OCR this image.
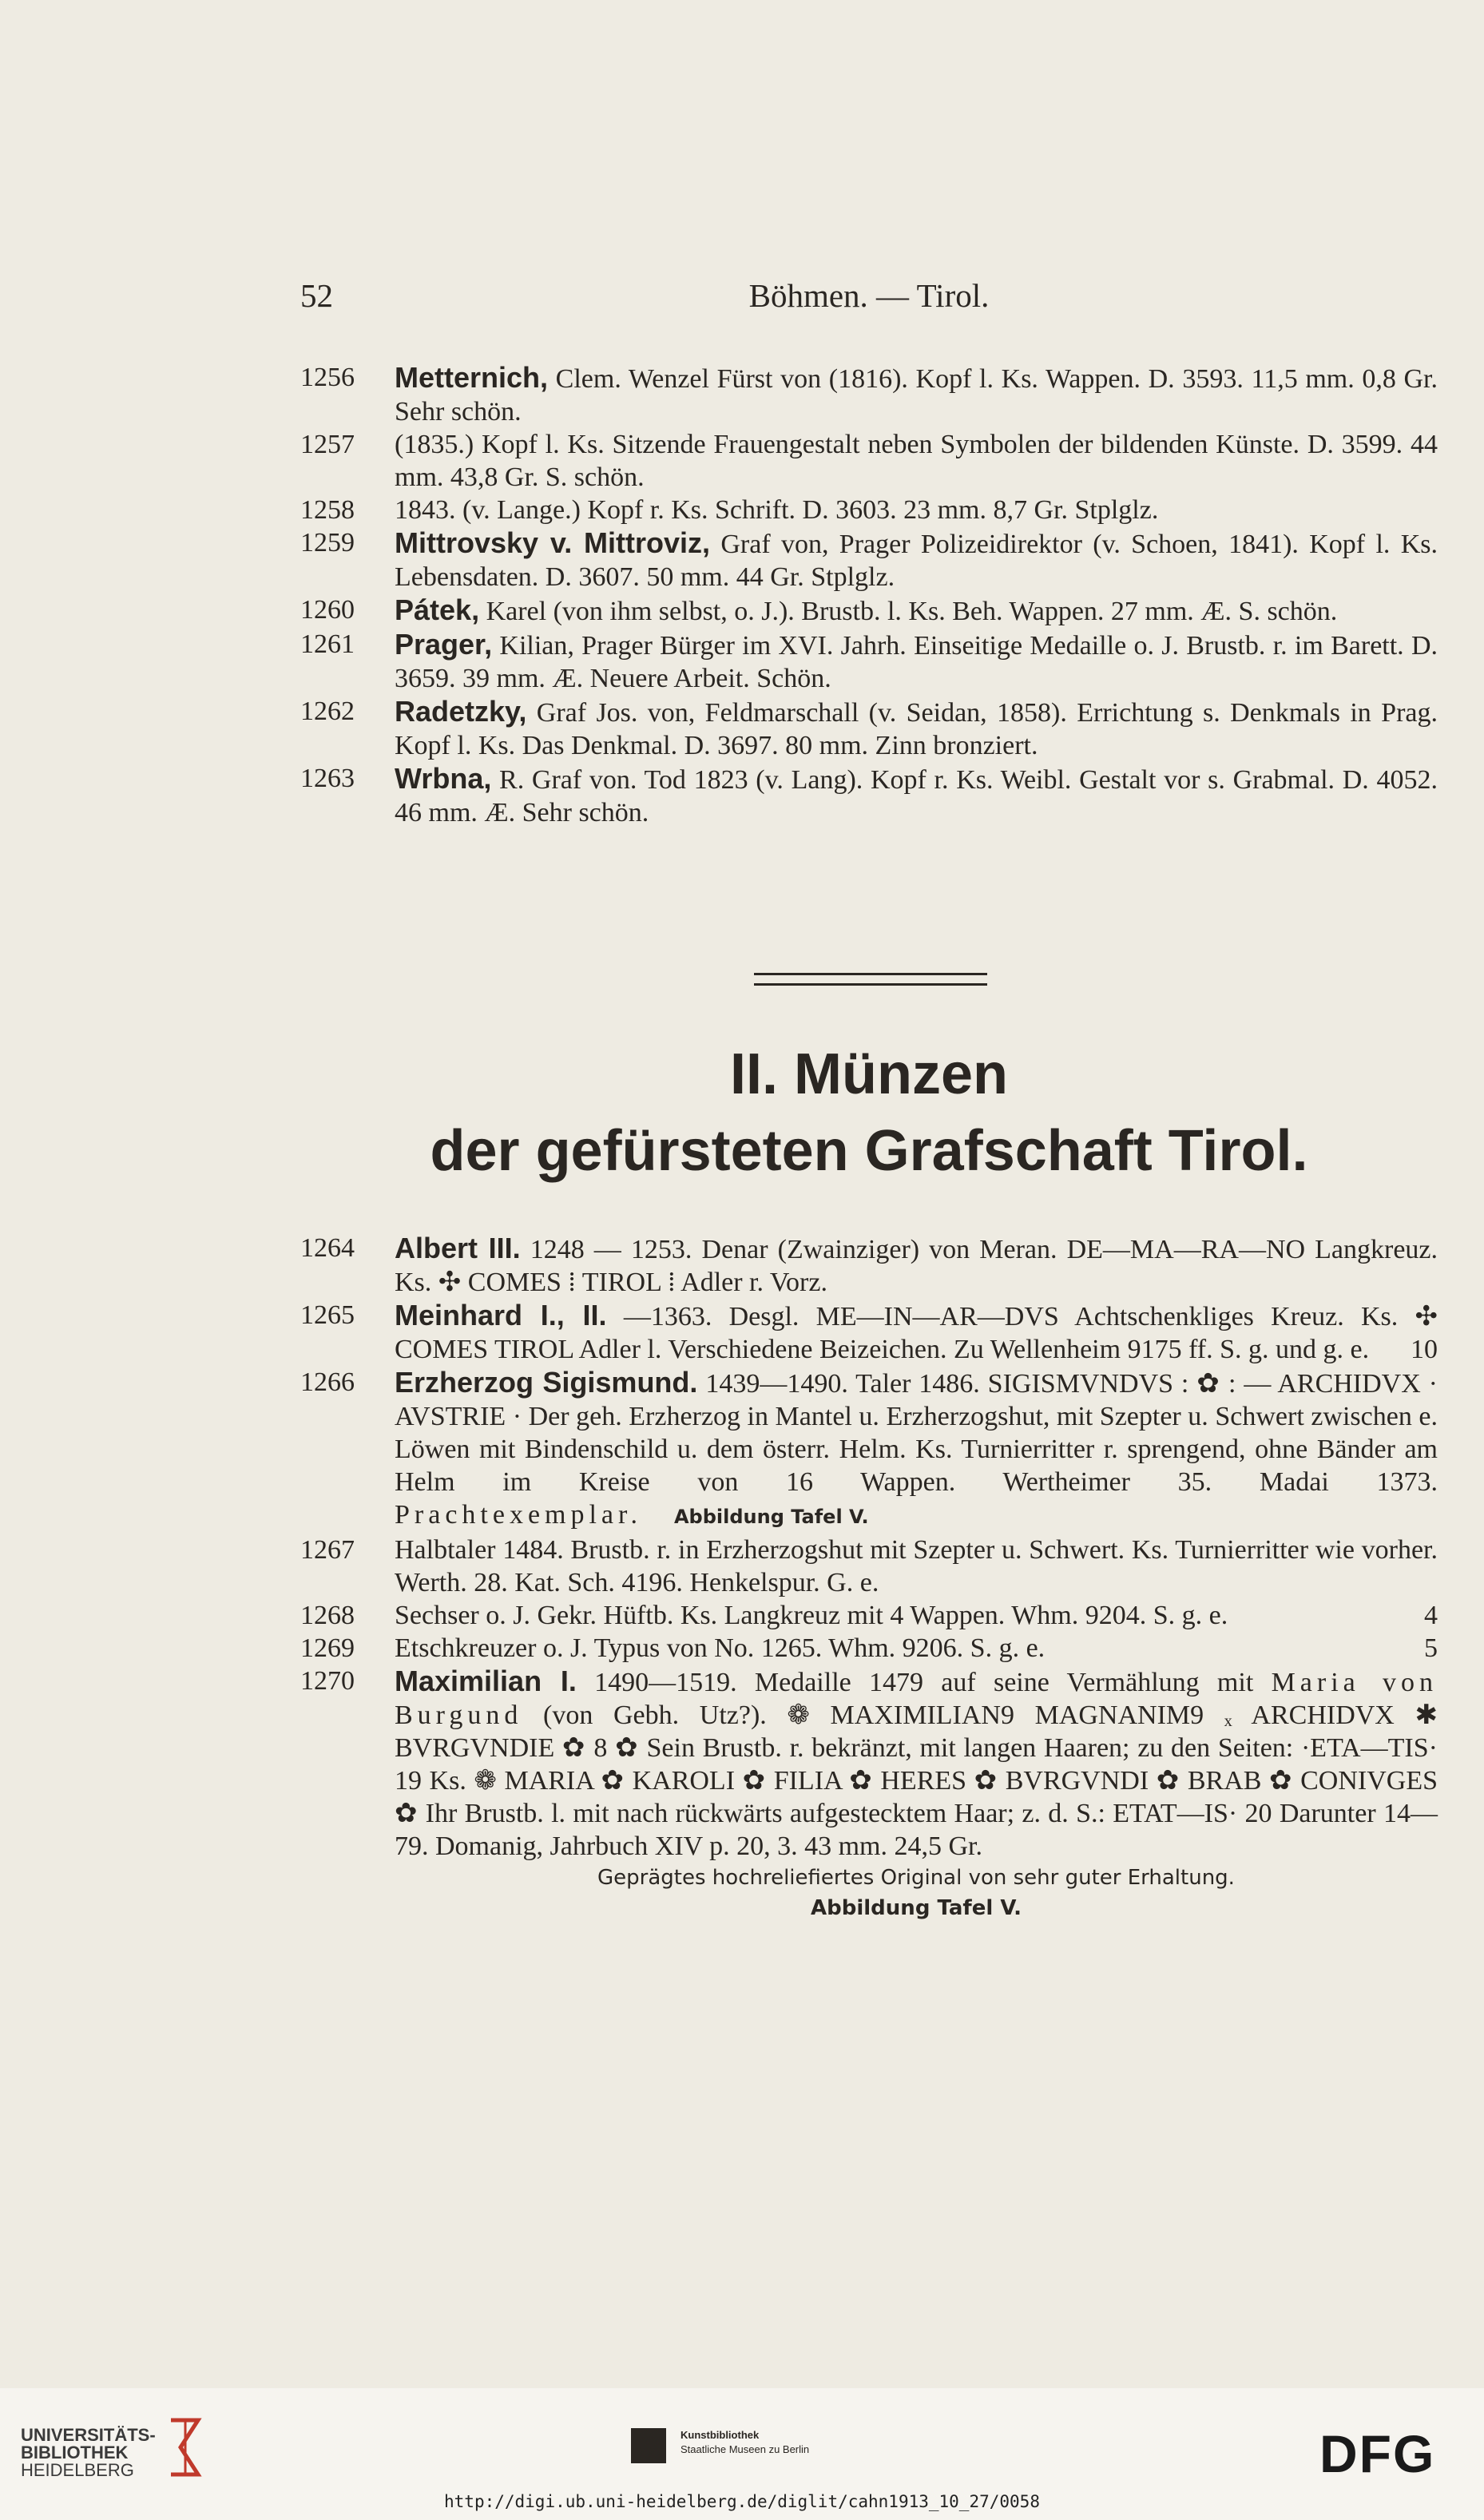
52	Böhmen. — Tirol.
1256 Metternich, Clem. Wenzel Fürst von (1816). Kopf l. Ks. Wappen. D. 3593. 11,5 mm. 0,8 Gr. Sehr schön.
1257 (1835.) Kopf l. Ks. Sitzende Frauengestalt neben Symbolen der bildenden Künste. D. 3599. 44 mm. 43,8 Gr. S. schön.
1258 1843. (v. Lange.) Kopf r. Ks. Schrift. D. 3603. 23 mm. 8,7 Gr. Stplglz.
1259 Mittrovsky v. Mittroviz, Graf von, Prager Polizeidirektor (v. Schoen, 1841). Kopf l. Ks. Lebensdaten. D. 3607. 50 mm. 44 Gr. Stplglz.
1260 Pátek, Karel (von ihm selbst, o. J.). Brustb. l. Ks. Beh. Wappen. 27 mm. Æ. S. schön.
1261 Prager, Kilian, Prager Bürger im XVI. Jahrh. Einseitige Medaille o. J. Brustb. r. im Barett. D. 3659. 39 mm. Æ. Neuere Arbeit. Schön.
1262 Radetzky, Graf Jos. von, Feldmarschall (v. Seidan, 1858). Errichtung s. Denkmals in Prag. Kopf l. Ks. Das Denkmal. D. 3697. 80 mm. Zinn bronziert.
1263 Wrbna, R. Graf von. Tod 1823 (v. Lang). Kopf r. Ks. Weibl. Gestalt vor s. Grabmal. D. 4052. 46 mm. Æ. Sehr schön.
II. Münzen
der gefürsteten Grafschaft Tirol.
1264 Albert III. 1248 — 1253. Denar (Zwainziger) von Meran. DE—MA—RA—NO Langkreuz. Ks. ✣ COMES ⁞ TIROL ⁞ Adler r. Vorz.
1265 Meinhard I., II. —1363. Desgl. ME—IN—AR—DVS Achtschenkliges Kreuz. Ks. ✣ COMES TIROL Adler l. Verschiedene Beizeichen. Zu Wellenheim 9175 ff. S. g. und g. e. 10
1266 Erzherzog Sigismund. 1439—1490. Taler 1486. SIGISMVNDVS : ✿ : — ARCHIDVX · AVSTRIE · Der geh. Erzherzog in Mantel u. Erzherzogshut, mit Szepter u. Schwert zwischen e. Löwen mit Bindenschild u. dem österr. Helm. Ks. Turnierritter r. sprengend, ohne Bänder am Helm im Kreise von 16 Wappen. Wertheimer 35. Madai 1373. Prachtexemplar. Abbildung Tafel V.
1267 Halbtaler 1484. Brustb. r. in Erzherzogshut mit Szepter u. Schwert. Ks. Turnierritter wie vorher. Werth. 28. Kat. Sch. 4196. Henkelspur. G. e.
1268 Sechser o. J. Gekr. Hüftb. Ks. Langkreuz mit 4 Wappen. Whm. 9204. S. g. e.	4
1269 Etschkreuzer o. J. Typus von No. 1265. Whm. 9206. S. g. e.	5
1270 Maximilian I. 1490—1519. Medaille 1479 auf seine Vermählung mit Maria von Burgund (von Gebh. Utz?). ❁ MAXIMILIAN9 MAGNANIM9 ₓ ARCHIDVX ✱ BVRGVNDIE ✿ 8 ✿ Sein Brustb. r. bekränzt, mit langen Haaren; zu den Seiten: ·ETA—TIS· 19 Ks. ❁ MARIA ✿ KAROLI ✿ FILIA ✿ HERES ✿ BVRGVNDI ✿ BRAB ✿ CONIVGES ✿ Ihr Brustb. l. mit nach rückwärts aufgestecktem Haar; z. d. S.: ETAT—IS· 20 Darunter 14—79. Domanig, Jahrbuch XIV p. 20, 3. 43 mm. 24,5 Gr.
Geprägtes hochreliefiertes Original von sehr guter Erhaltung.
Abbildung Tafel V.
UNIVERSITÄTS-
BIBLIOTHEK
HEIDELBERG
Kunstbibliothek
Staatliche Museen zu Berlin	DFG
http://digi.ub.uni-heidelberg.de/diglit/cahn1913_10_27/0058
